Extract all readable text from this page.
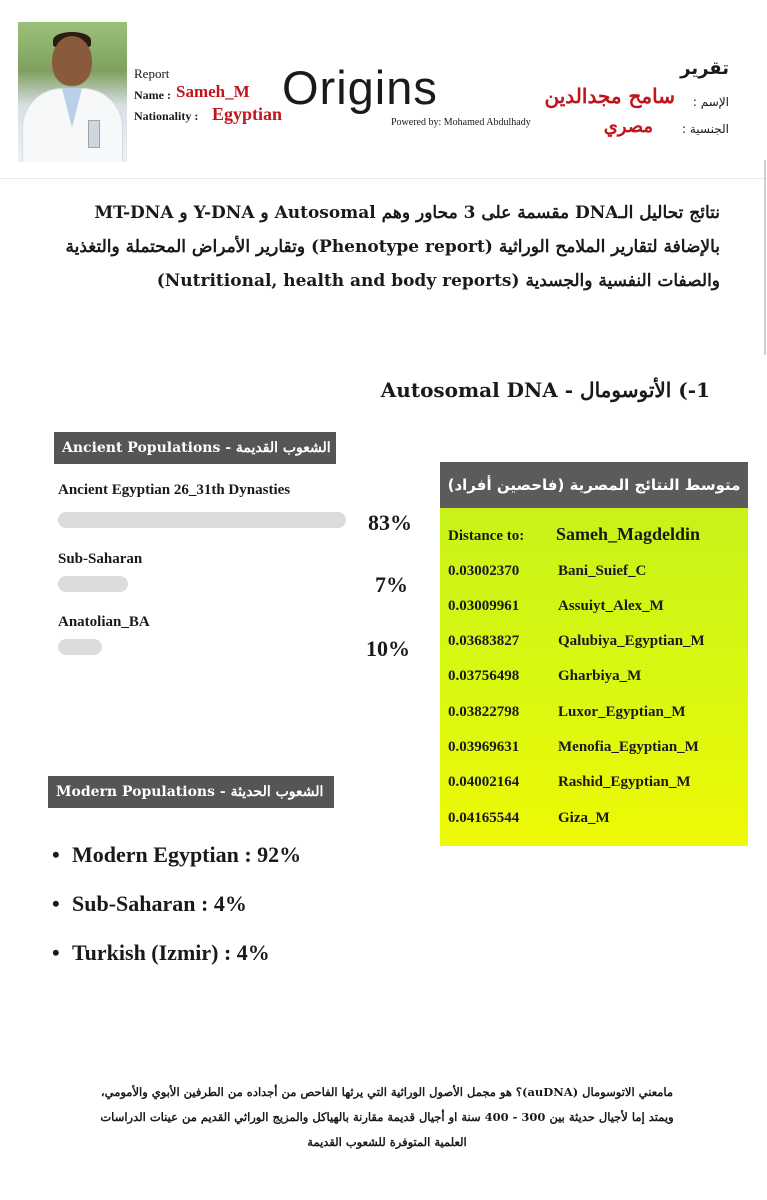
Report
Name : Sameh_M
Nationality : Egyptian Origins
Powered by: Mohamed Abdulhady
تقرير
الإسم :
سامح مجدالدين
الجنسية :
مصري
نتائج تحاليل الـDNA مقسمة على 3 محاور وهم Autosomal و Y-DNA و MT-DNA
بالإضافة لتقارير الملامح الوراثية (Phenotype report) وتقارير الأمراض المحتملة والتغذية
والصفات النفسية والجسدية (Nutritional, health and body reports)
1-) الأتوسومال - Autosomal DNA
Ancient Populations - الشعوب القديمة
Ancient Egyptian 26_31th Dynasties
83%
Sub-Saharan
7%
Anatolian_BA
10%
متوسط النتائج المصرية (فاحصين أفراد)
Distance to: Sameh_Magdeldin
0.03002370	Bani_Suief_C
0.03009961	Assuiyt_Alex_M
0.03683827	Qalubiya_Egyptian_M
0.03756498	Gharbiya_M
0.03822798	Luxor_Egyptian_M
0.03969631	Menofia_Egyptian_M
0.04002164	Rashid_Egyptian_M
0.04165544	Giza_M
Modern Populations - الشعوب الحديثة
• Modern Egyptian : 92%
• Sub-Saharan : 4%
• Turkish (Izmir) : 4%
مامعني الاتوسومال (auDNA)؟ هو مجمل الأصول الوراثية التي يرثها الفاحص من أجداده من الطرفين الأبوي والأمومي،
ويمتد إما لأجيال حديثة بين 300 - 400 سنة او أجيال قديمة مقارنة بالهياكل والمزيج الوراثي القديم من عينات الدراسات
العلمية المتوفرة للشعوب القديمة
